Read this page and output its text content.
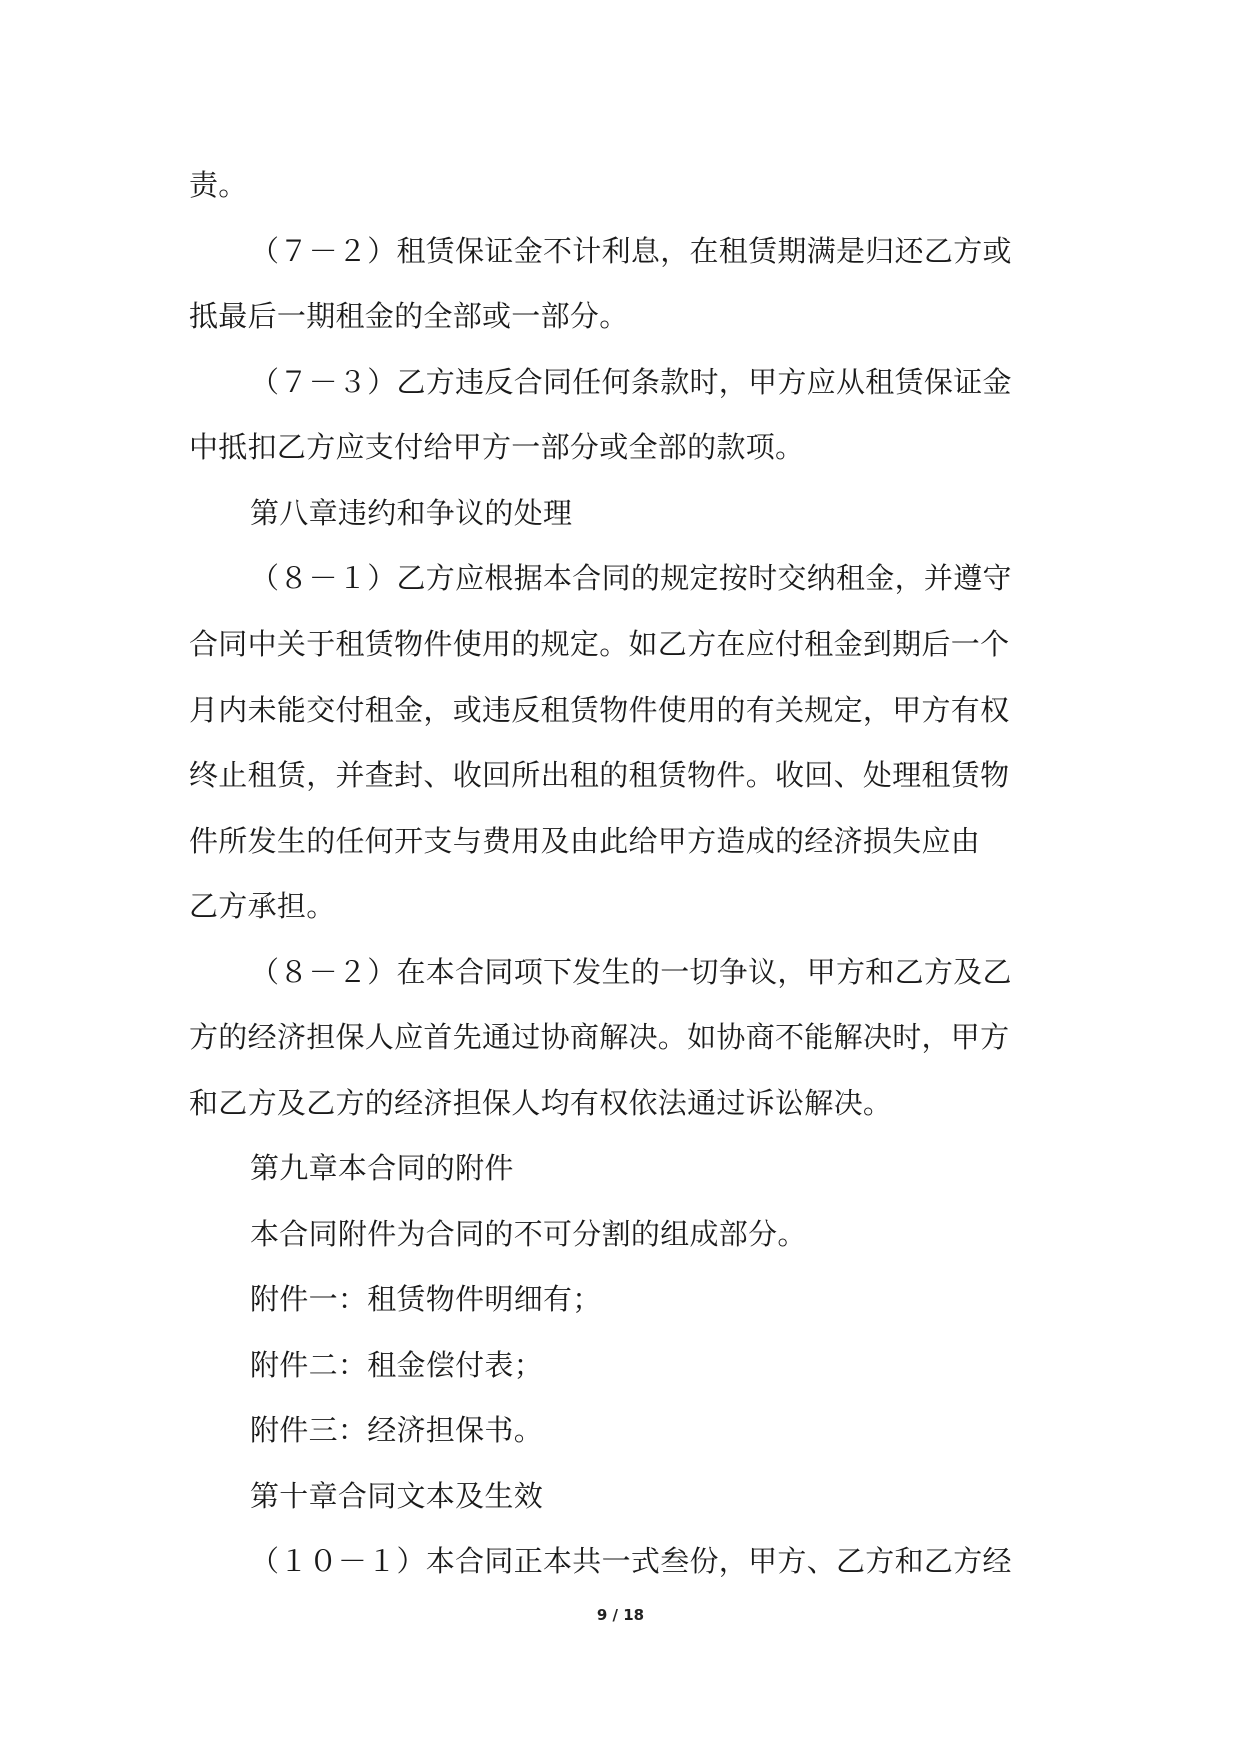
责。
（７－２）租赁保证金不计利息，在租赁期满是归还乙方或
抵最后一期租金的全部或一部分。
（７－３）乙方违反合同任何条款时，甲方应从租赁保证金
中抵扣乙方应支付给甲方一部分或全部的款项。
第八章违约和争议的处理
（８－１）乙方应根据本合同的规定按时交纳租金，并遵守
合同中关于租赁物件使用的规定。如乙方在应付租金到期后一个
月内未能交付租金，或违反租赁物件使用的有关规定，甲方有权
终止租赁，并查封、收回所出租的租赁物件。收回、处理租赁物
件所发生的任何开支与费用及由此给甲方造成的经济损失应由
乙方承担。
（８－２）在本合同项下发生的一切争议，甲方和乙方及乙
方的经济担保人应首先通过协商解决。如协商不能解决时，甲方
和乙方及乙方的经济担保人均有权依法通过诉讼解决。
第九章本合同的附件
本合同附件为合同的不可分割的组成部分。
附件一：租赁物件明细有；
附件二：租金偿付表；
附件三：经济担保书。
第十章合同文本及生效
（１０－１）本合同正本共一式叁份，甲方、乙方和乙方经
9 / 18
